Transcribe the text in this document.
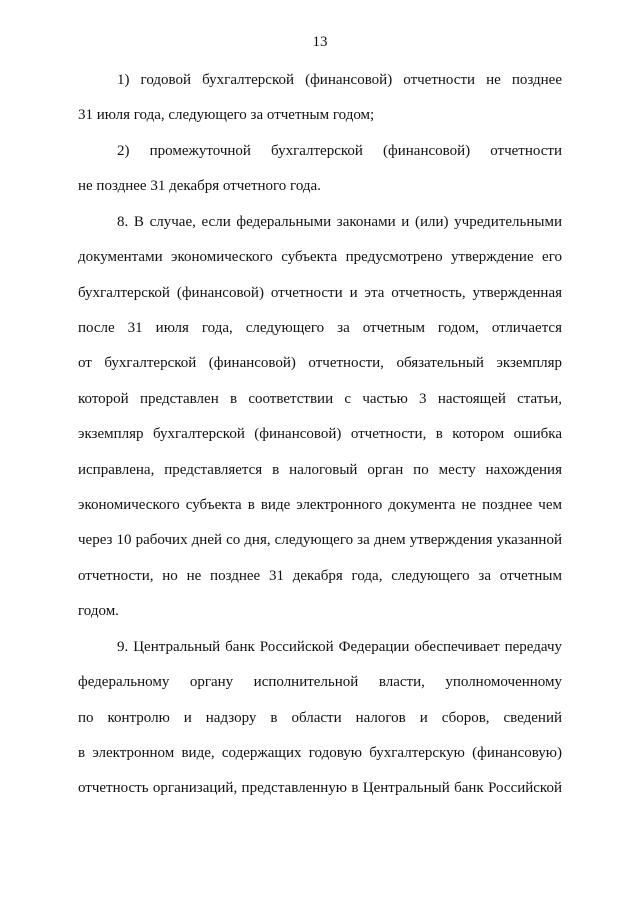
13
1) годовой бухгалтерской (финансовой) отчетности не позднее
31 июля года, следующего за отчетным годом;
2) промежуточной бухгалтерской (финансовой) отчетности
не позднее 31 декабря отчетного года.
8. В случае, если федеральными законами и (или) учредительными
документами экономического субъекта предусмотрено утверждение его
бухгалтерской (финансовой) отчетности и эта отчетность, утвержденная
после 31 июля года, следующего за отчетным годом, отличается
от бухгалтерской (финансовой) отчетности, обязательный экземпляр
которой представлен в соответствии с частью 3 настоящей статьи,
экземпляр бухгалтерской (финансовой) отчетности, в котором ошибка
исправлена, представляется в налоговый орган по месту нахождения
экономического субъекта в виде электронного документа не позднее чем
через 10 рабочих дней со дня, следующего за днем утверждения указанной
отчетности, но не позднее 31 декабря года, следующего за отчетным
годом.
9. Центральный банк Российской Федерации обеспечивает передачу
федеральному органу исполнительной власти, уполномоченному
по контролю и надзору в области налогов и сборов, сведений
в электронном виде, содержащих годовую бухгалтерскую (финансовую)
отчетность организаций, представленную в Центральный банк Российской
